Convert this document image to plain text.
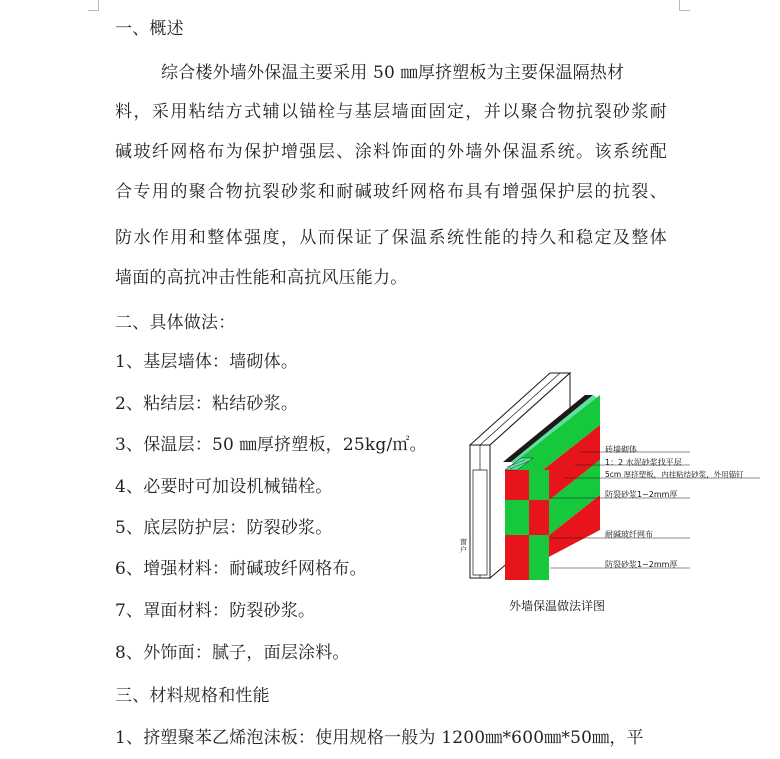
一、概述
综合楼外墙外保温主要采用 50 ㎜厚挤塑板为主要保温隔热材
料，采用粘结方式辅以锚栓与基层墙面固定，并以聚合物抗裂砂浆耐
碱玻纤网格布为保护增强层、涂料饰面的外墙外保温系统。该系统配
合专用的聚合物抗裂砂浆和耐碱玻纤网格布具有增强保护层的抗裂、
防水作用和整体强度，从而保证了保温系统性能的持久和稳定及整体
墙面的高抗冲击性能和高抗风压能力。
二、具体做法：
1、基层墙体：墙砌体。
2、粘结层：粘结砂浆。
3、保温层：50 ㎜厚挤塑板，25kg/㎡。
4、必要时可加设机械锚栓。
5、底层防护层：防裂砂浆。
6、增强材料：耐碱玻纤网格布。
7、罩面材料：防裂砂浆。
8、外饰面：腻子，面层涂料。
三、材料规格和性能
1、挤塑聚苯乙烯泡沫板：使用规格一般为 1200㎜*600㎜*50㎜，平
砖墙砌体
1：2 水泥砂浆找平层
5cm 厚挤塑板，内挂粘结砂浆，外用锚钉
防裂砂浆1~2mm厚
耐碱玻纤网布
防裂砂浆1~2mm厚
窗户
外墙保温做法详图
